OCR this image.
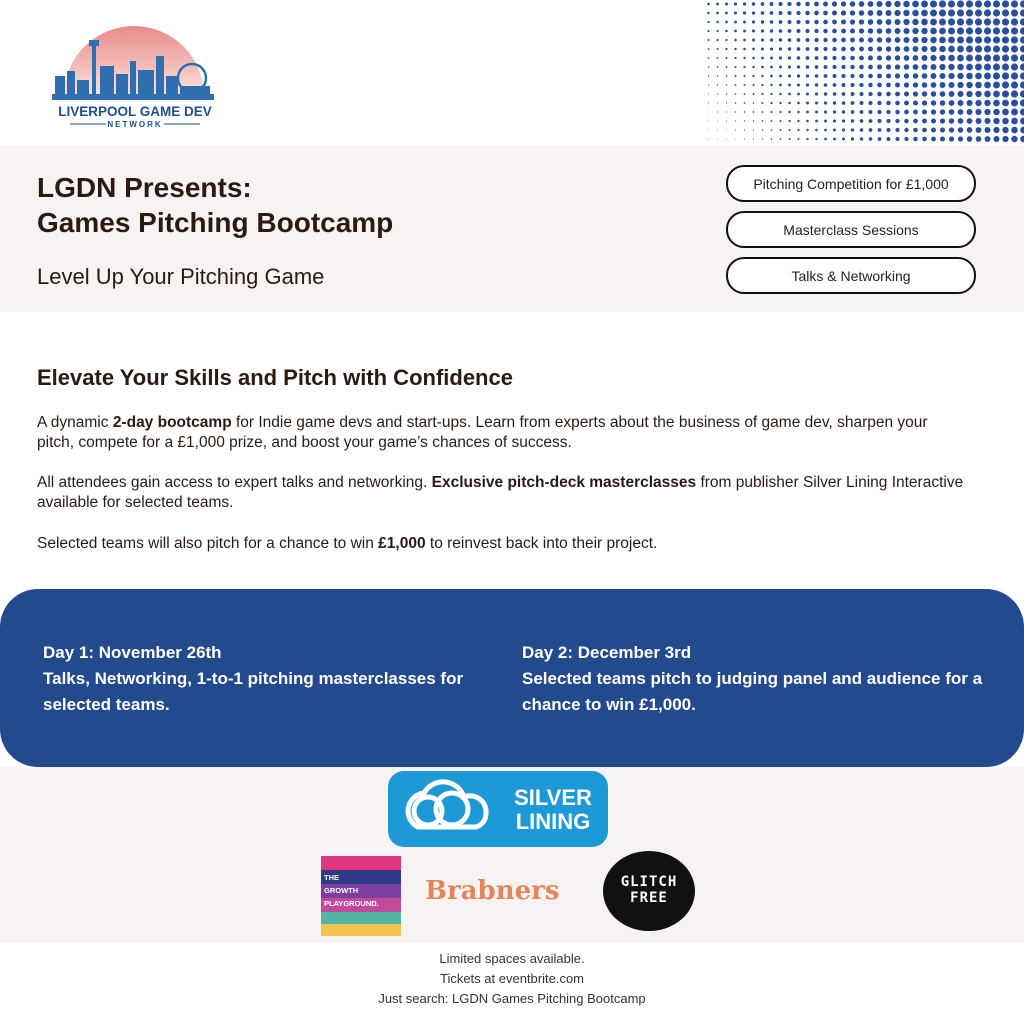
LIVERPOOL GAME DEV
NETWORK
LGDN Presents:
Games Pitching Bootcamp
Level Up Your Pitching Game
Pitching Competition for £1,000
Masterclass Sessions
Talks & Networking
Elevate Your Skills and Pitch with Confidence

A dynamic 2-day bootcamp for Indie game devs and start-ups. Learn from experts about the business of game dev, sharpen your pitch, compete for a £1,000 prize, and boost your game’s chances of success.

All attendees gain access to expert talks and networking. Exclusive pitch-deck masterclasses from publisher Silver Lining Interactive available for selected teams.

Selected teams will also pitch for a chance to win £1,000 to reinvest back into their project.

Day 1: November 26th
Talks, Networking, 1-to-1 pitching masterclasses for selected teams.
Day 2: December 3rd
Selected teams pitch to judging panel and audience for a chance to win £1,000.
SILVER
LINING
THE
GROWTH
PLAYGROUND. Brabners	GLITCH
FREE
Limited spaces available.
Tickets at eventbrite.com
Just search: LGDN Games Pitching Bootcamp
